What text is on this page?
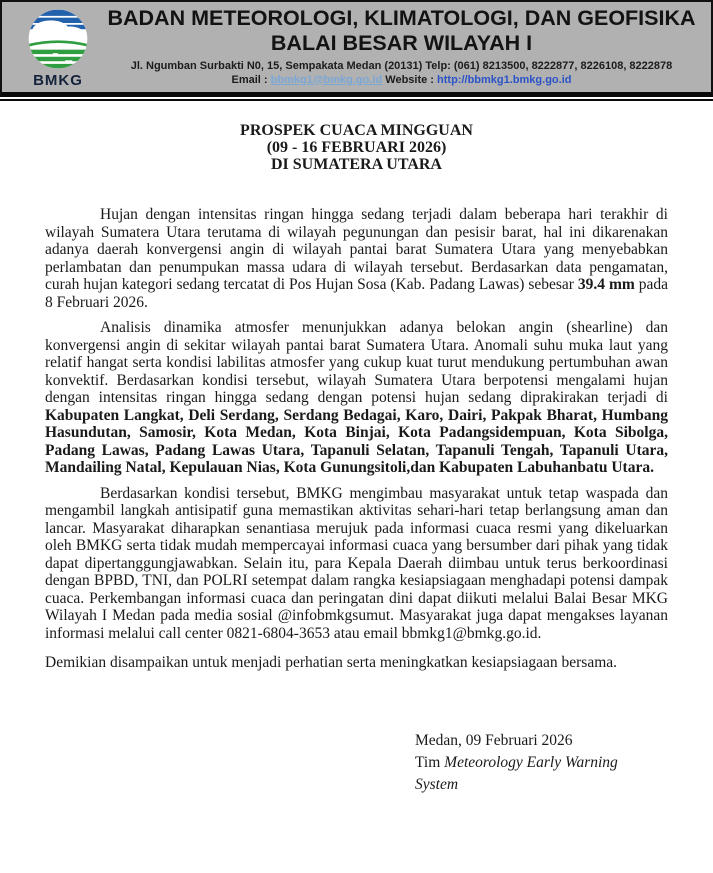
BMKG
BADAN METEOROLOGI, KLIMATOLOGI, DAN GEOFISIKA
BALAI BESAR WILAYAH I
Jl. Ngumban Surbakti N0, 15, Sempakata Medan (20131) Telp: (061) 8213500, 8222877, 8226108, 8222878
Email : bbmkg1@bmkg.go.id Website : http://bbmkg1.bmkg.go.id
PROSPEK CUACA MINGGUAN
(09 - 16 FEBRUARI 2026)
DI SUMATERA UTARA

Hujan dengan intensitas ringan hingga sedang terjadi dalam beberapa hari terakhir di wilayah Sumatera Utara terutama di wilayah pegunungan dan pesisir barat, hal ini dikarenakan adanya daerah konvergensi angin di wilayah pantai barat Sumatera Utara yang menyebabkan perlambatan dan penumpukan massa udara di wilayah tersebut. Berdasarkan data pengamatan, curah hujan kategori sedang tercatat di Pos Hujan Sosa (Kab. Padang Lawas) sebesar 39.4 mm pada 8 Februari 2026.

Analisis dinamika atmosfer menunjukkan adanya belokan angin (shearline) dan konvergensi angin di sekitar wilayah pantai barat Sumatera Utara. Anomali suhu muka laut yang relatif hangat serta kondisi labilitas atmosfer yang cukup kuat turut mendukung pertumbuhan awan konvektif. Berdasarkan kondisi tersebut, wilayah Sumatera Utara berpotensi mengalami hujan dengan intensitas ringan hingga sedang dengan potensi hujan sedang diprakirakan terjadi di Kabupaten Langkat, Deli Serdang, Serdang Bedagai, Karo, Dairi, Pakpak Bharat, Humbang Hasundutan, Samosir, Kota Medan, Kota Binjai, Kota Padangsidempuan, Kota Sibolga, Padang Lawas, Padang Lawas Utara, Tapanuli Selatan, Tapanuli Tengah, Tapanuli Utara, Mandailing Natal, Kepulauan Nias, Kota Gunungsitoli,dan Kabupaten Labuhanbatu Utara.

Berdasarkan kondisi tersebut, BMKG mengimbau masyarakat untuk tetap waspada dan mengambil langkah antisipatif guna memastikan aktivitas sehari-hari tetap berlangsung aman dan lancar. Masyarakat diharapkan senantiasa merujuk pada informasi cuaca resmi yang dikeluarkan oleh BMKG serta tidak mudah mempercayai informasi cuaca yang bersumber dari pihak yang tidak dapat dipertanggungjawabkan. Selain itu, para Kepala Daerah diimbau untuk terus berkoordinasi dengan BPBD, TNI, dan POLRI setempat dalam rangka kesiapsiagaan menghadapi potensi dampak cuaca. Perkembangan informasi cuaca dan peringatan dini dapat diikuti melalui Balai Besar MKG Wilayah I Medan pada media sosial @infobmkgsumut. Masyarakat juga dapat mengakses layanan informasi melalui call center 0821-6804-3653 atau email bbmkg1@bmkg.go.id.

Demikian disampaikan untuk menjadi perhatian serta meningkatkan kesiapsiagaan bersama.

Medan, 09 Februari 2026
Tim Meteorology Early Warning System
